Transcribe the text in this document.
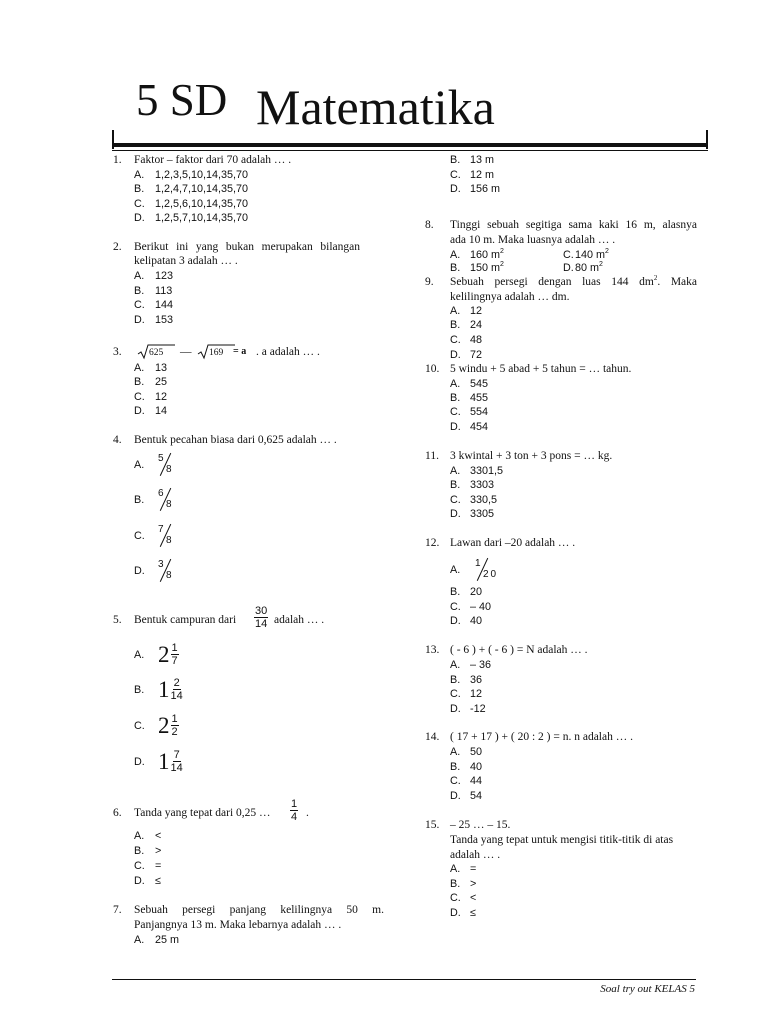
5 SD Matematika
Soal try out KELAS 5
1. Faktor – faktor dari 70 adalah … .
A. 1,2,3,5,10,14,35,70
B. 1,2,4,7,10,14,35,70
C. 1,2,5,6,10,14,35,70
D. 1,2,5,7,10,14,35,70
2. Berikut ini yang bukan merupakan bilangan
kelipatan 3 adalah … .
A. 123
B. 113
C. 144
D. 153
3.	625 — 169 = a . a adalah … .
A. 13
B. 25
C. 12
D. 14
4. Bentuk pecahan biasa dari 0,625 adalah … .
A.
5
8
B.
6
8
C.
7
8
D.
3
8
5. Bentuk campuran dari $\frac{30}{14}$ adalah … .
A. $2 \frac{1}{7}$
B. $1 \frac{2}{14}$
C. $2 \frac{1}{2}$
D. $1 \frac{7}{14}$
6. Tanda yang tepat dari 0,25 … $\frac{1}{4}$ .
A. <
B. >
C. =
D. ≤
7. Sebuah persegi panjang kelilingnya 50 m.
Panjangnya 13 m. Maka lebarnya adalah … .
A. 25 m
B. 13 m
C. 12 m
D. 156 m
8. Tinggi sebuah segitiga sama kaki 16 m, alasnya
ada 10 m. Maka luasnya adalah … .
A. 160 $m^2$
B. 150 $m^2$
C. 140 $m^2$
D. 80 $m^2$
9. Sebuah persegi dengan luas 144 $dm^2$. Maka
kelilingnya adalah … dm.
A. 12
B. 24
C. 48
D. 72
10. 5 windu + 5 abad + 5 tahun = … tahun.
A. 545
B. 455
C. 554
D. 454
11. 3 kwintal + 3 ton + 3 pons = … kg.
A. 3301,5
B. 3303
C. 330,5
D. 3305
12. Lawan dari –20 adalah … .
A.
1
20
B. 20
C. – 40
D. 40
13. ( - 6 ) + ( - 6 ) = N adalah … .
A. – 36
B. 36
C. 12
D. -12
14. ( 17 + 17 ) + ( 20 : 2 ) = n. n adalah … .
A. 50
B. 40
C. 44
D. 54
15. – 25 … – 15.
Tanda yang tepat untuk mengisi titik-titik di atas
adalah … .
A. =
B. >
C. <
D. ≤
